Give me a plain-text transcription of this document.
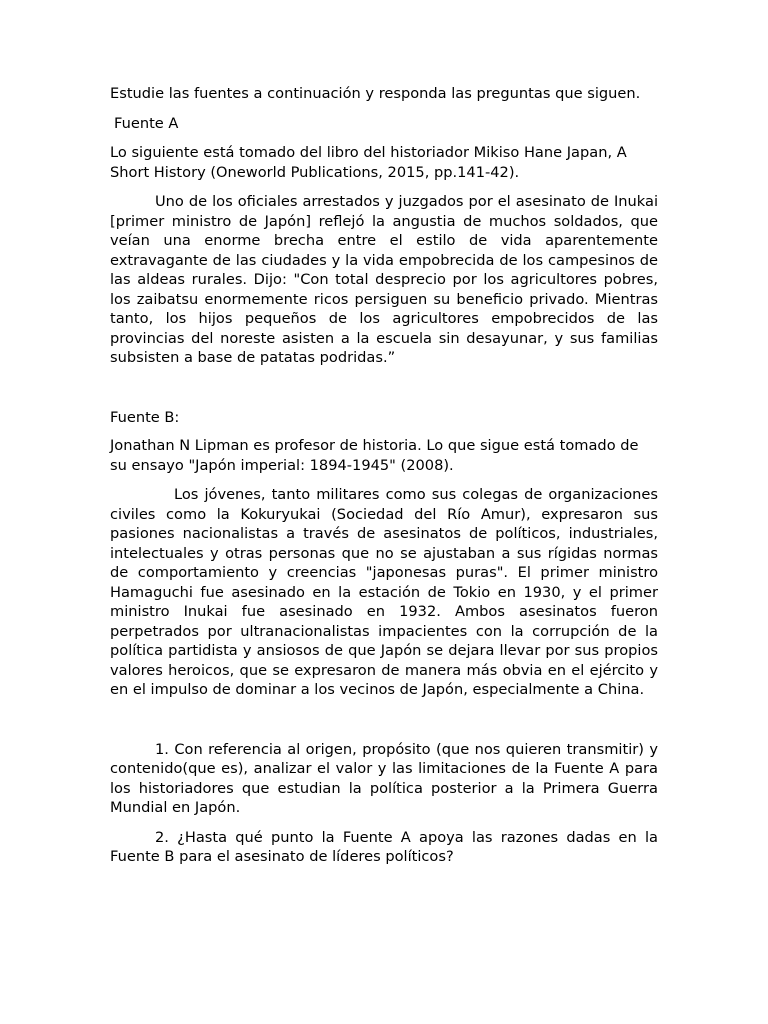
Estudie las fuentes a continuación y responda las preguntas que siguen.

Fuente A

Lo siguiente está tomado del libro del historiador Mikiso Hane Japan, A Short History (Oneworld Publications, 2015, pp.141-42).

Uno de los oficiales arrestados y juzgados por el asesinato de Inukai [primer ministro de Japón] reflejó la angustia de muchos soldados, que veían una enorme brecha entre el estilo de vida aparentemente extravagante de las ciudades y la vida empobrecida de los campesinos de las aldeas rurales. Dijo: "Con total desprecio por los agricultores pobres, los zaibatsu enormemente ricos persiguen su beneficio privado. Mientras tanto, los hijos pequeños de los agricultores empobrecidos de las provincias del noreste asisten a la escuela sin desayunar, y sus familias subsisten a base de patatas podridas.”

Fuente B:

Jonathan N Lipman es profesor de historia. Lo que sigue está tomado de su ensayo "Japón imperial: 1894-1945" (2008).

Los jóvenes, tanto militares como sus colegas de organizaciones civiles como la Kokuryukai (Sociedad del Río Amur), expresaron sus pasiones nacionalistas a través de asesinatos de políticos, industriales, intelectuales y otras personas que no se ajustaban a sus rígidas normas de comportamiento y creencias "japonesas puras". El primer ministro Hamaguchi fue asesinado en la estación de Tokio en 1930, y el primer ministro Inukai fue asesinado en 1932. Ambos asesinatos fueron perpetrados por ultranacionalistas impacientes con la corrupción de la política partidista y ansiosos de que Japón se dejara llevar por sus propios valores heroicos, que se expresaron de manera más obvia en el ejército y en el impulso de dominar a los vecinos de Japón, especialmente a China.

1. Con referencia al origen, propósito (que nos quieren transmitir) y contenido(que es), analizar el valor y las limitaciones de la Fuente A para los historiadores que estudian la política posterior a la Primera Guerra Mundial en Japón.

2. ¿Hasta qué punto la Fuente A apoya las razones dadas en la Fuente B para el asesinato de líderes políticos?
